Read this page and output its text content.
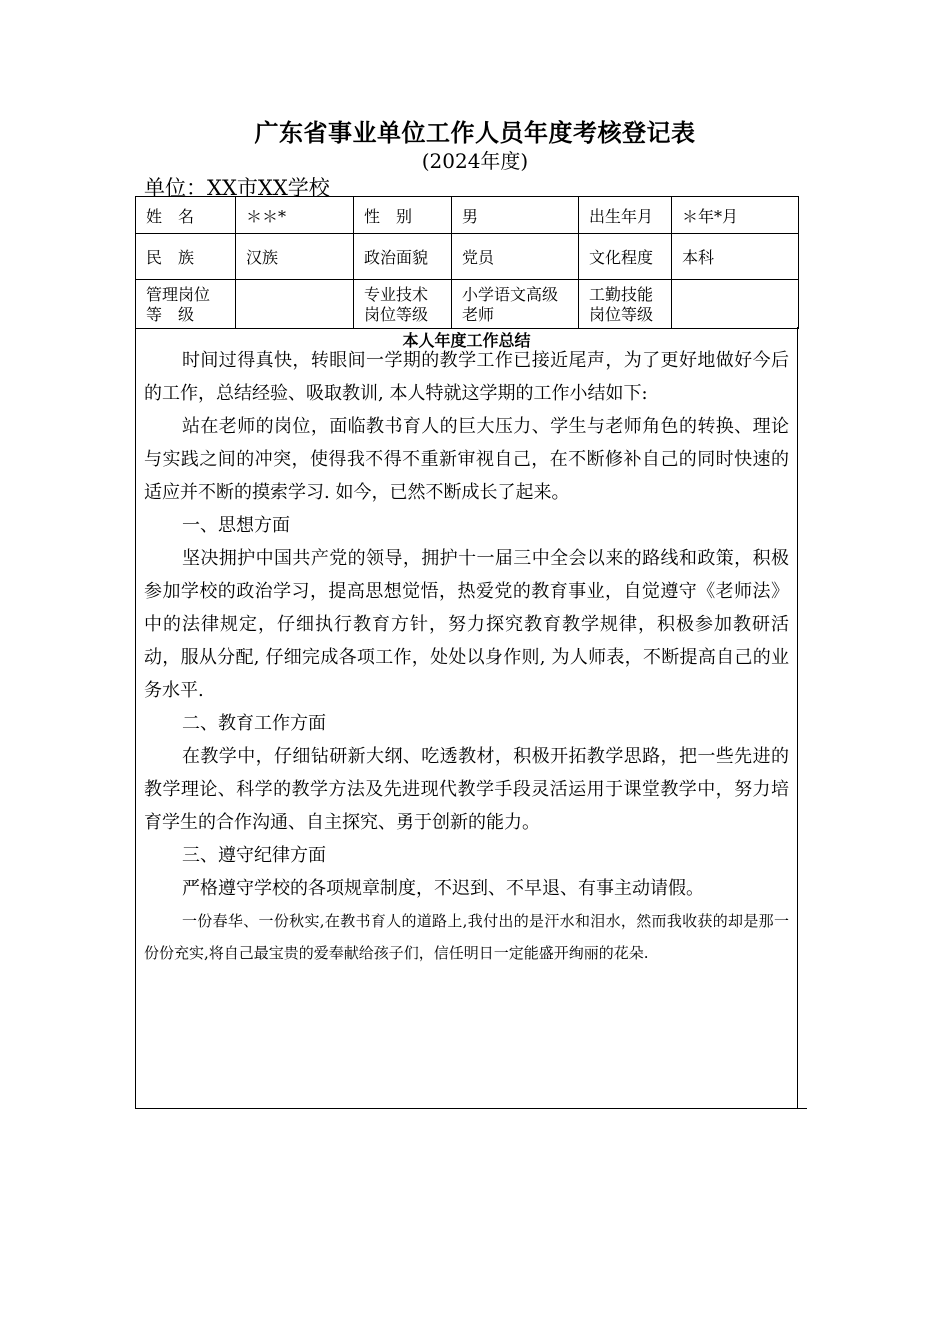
广东省事业单位工作人员年度考核登记表
(2024年度)
单位：XX市XX学校
姓　名	＊＊*	性　别	男	出生年月	＊年*月
民　族	汉族	政治面貌	党员	文化程度	本科
管理岗位等　级		专业技术岗位等级	小学语文高级老师	工勤技能岗位等级	
本人年度工作总结

时间过得真快，转眼间一学期的教学工作已接近尾声，为了更好地做好今后的工作，总结经验、吸取教训, 本人特就这学期的工作小结如下:

站在老师的岗位，面临教书育人的巨大压力、学生与老师角色的转换、理论与实践之间的冲突，使得我不得不重新审视自己，在不断修补自己的同时快速的适应并不断的摸索学习. 如今，已然不断成长了起来。

一、思想方面

坚决拥护中国共产党的领导，拥护十一届三中全会以来的路线和政策，积极参加学校的政治学习，提高思想觉悟，热爱党的教育事业，自觉遵守《老师法》中的法律规定，仔细执行教育方针，努力探究教育教学规律，积极参加教研活动，服从分配, 仔细完成各项工作，处处以身作则, 为人师表，不断提高自己的业务水平.

二、教育工作方面

在教学中，仔细钻研新大纲、吃透教材，积极开拓教学思路，把一些先进的教学理论、科学的教学方法及先进现代教学手段灵活运用于课堂教学中，努力培育学生的合作沟通、自主探究、勇于创新的能力。

三、遵守纪律方面

严格遵守学校的各项规章制度，不迟到、不早退、有事主动请假。

一份春华、一份秋实,在教书育人的道路上,我付出的是汗水和泪水，然而我收获的却是那一份份充实,将自己最宝贵的爱奉献给孩子们，信任明日一定能盛开绚丽的花朵.
